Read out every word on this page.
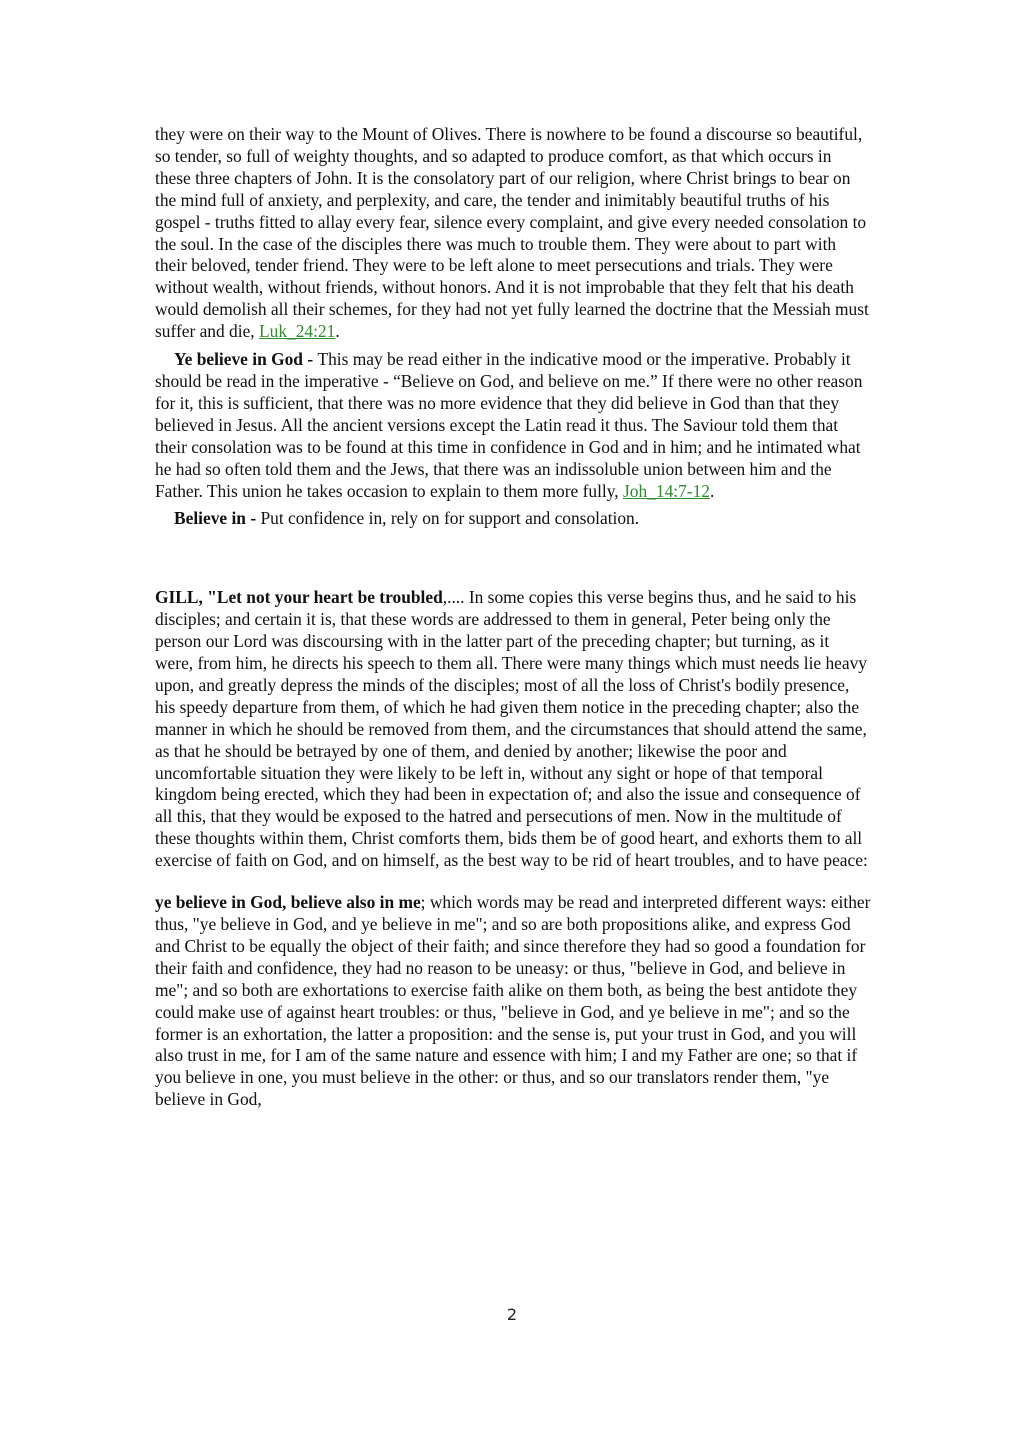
they were on their way to the Mount of Olives. There is nowhere to be found a discourse so beautiful, so tender, so full of weighty thoughts, and so adapted to produce comfort, as that which occurs in these three chapters of John. It is the consolatory part of our religion, where Christ brings to bear on the mind full of anxiety, and perplexity, and care, the tender and inimitably beautiful truths of his gospel - truths fitted to allay every fear, silence every complaint, and give every needed consolation to the soul. In the case of the disciples there was much to trouble them. They were about to part with their beloved, tender friend. They were to be left alone to meet persecutions and trials. They were without wealth, without friends, without honors. And it is not improbable that they felt that his death would demolish all their schemes, for they had not yet fully learned the doctrine that the Messiah must suffer and die, Luk_24:21.

Ye believe in God - This may be read either in the indicative mood or the imperative. Probably it should be read in the imperative - “Believe on God, and believe on me.” If there were no other reason for it, this is sufficient, that there was no more evidence that they did believe in God than that they believed in Jesus. All the ancient versions except the Latin read it thus. The Saviour told them that their consolation was to be found at this time in confidence in God and in him; and he intimated what he had so often told them and the Jews, that there was an indissoluble union between him and the Father. This union he takes occasion to explain to them more fully, Joh_14:7-12.

Believe in - Put confidence in, rely on for support and consolation.

GILL, "Let not your heart be troubled,.... In some copies this verse begins thus, and he said to his disciples; and certain it is, that these words are addressed to them in general, Peter being only the person our Lord was discoursing with in the latter part of the preceding chapter; but turning, as it were, from him, he directs his speech to them all. There were many things which must needs lie heavy upon, and greatly depress the minds of the disciples; most of all the loss of Christ's bodily presence, his speedy departure from them, of which he had given them notice in the preceding chapter; also the manner in which he should be removed from them, and the circumstances that should attend the same, as that he should be betrayed by one of them, and denied by another; likewise the poor and uncomfortable situation they were likely to be left in, without any sight or hope of that temporal kingdom being erected, which they had been in expectation of; and also the issue and consequence of all this, that they would be exposed to the hatred and persecutions of men. Now in the multitude of these thoughts within them, Christ comforts them, bids them be of good heart, and exhorts them to all exercise of faith on God, and on himself, as the best way to be rid of heart troubles, and to have peace:

ye believe in God, believe also in me; which words may be read and interpreted different ways: either thus, "ye believe in God, and ye believe in me"; and so are both propositions alike, and express God and Christ to be equally the object of their faith; and since therefore they had so good a foundation for their faith and confidence, they had no reason to be uneasy: or thus, "believe in God, and believe in me"; and so both are exhortations to exercise faith alike on them both, as being the best antidote they could make use of against heart troubles: or thus, "believe in God, and ye believe in me"; and so the former is an exhortation, the latter a proposition: and the sense is, put your trust in God, and you will also trust in me, for I am of the same nature and essence with him; I and my Father are one; so that if you believe in one, you must believe in the other: or thus, and so our translators render them, "ye believe in God,

2
